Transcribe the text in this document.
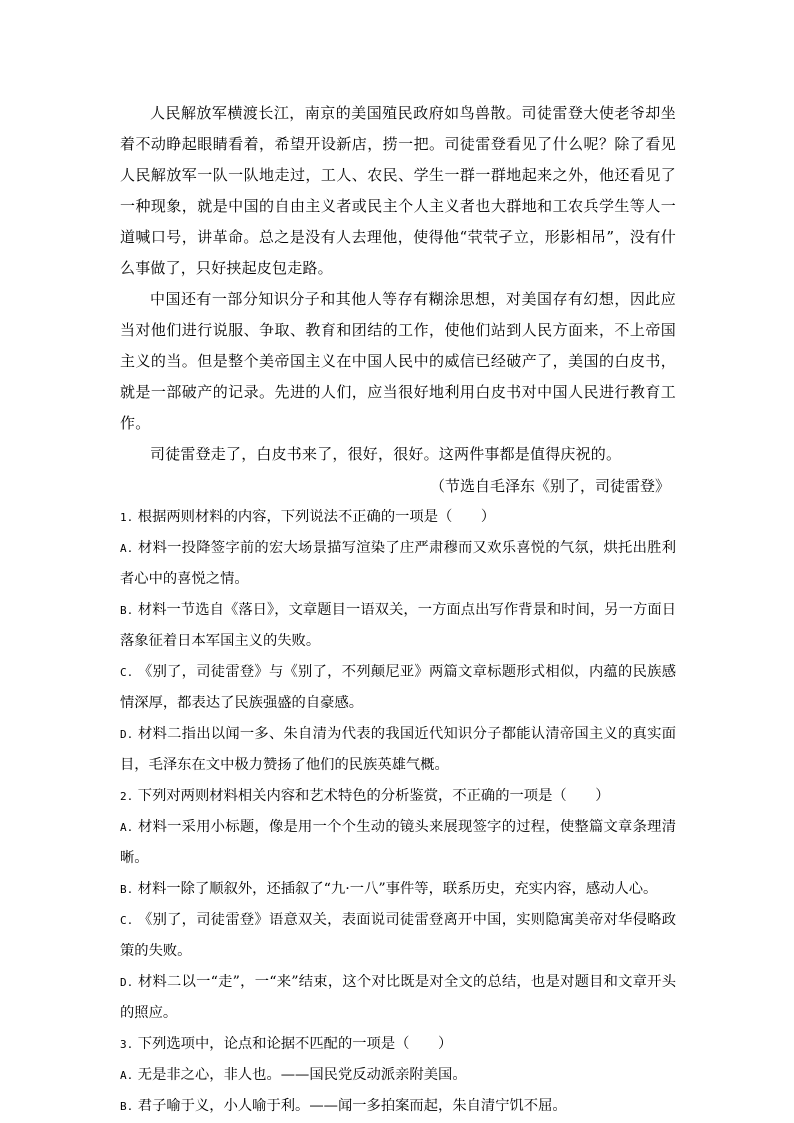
人民解放军横渡长江，南京的美国殖民政府如鸟兽散。司徒雷登大使老爷却坐着不动睁起眼睛看着，希望开设新店，捞一把。司徒雷登看见了什么呢？除了看见人民解放军一队一队地走过，工人、农民、学生一群一群地起来之外，他还看见了一种现象，就是中国的自由主义者或民主个人主义者也大群地和工农兵学生等人一道喊口号，讲革命。总之是没有人去理他，使得他“茕茕孑立，形影相吊”，没有什么事做了，只好挟起皮包走路。

中国还有一部分知识分子和其他人等存有糊涂思想，对美国存有幻想，因此应当对他们进行说服、争取、教育和团结的工作，使他们站到人民方面来，不上帝国主义的当。但是整个美帝国主义在中国人民中的威信已经破产了，美国的白皮书，就是一部破产的记录。先进的人们，应当很好地利用白皮书对中国人民进行教育工作。

司徒雷登走了，白皮书来了，很好，很好。这两件事都是值得庆祝的。

（节选自毛泽东《别了，司徒雷登》

1. 根据两则材料的内容，下列说法不正确的一项是（　　）

A. 材料一投降签字前的宏大场景描写渲染了庄严肃穆而又欢乐喜悦的气氛，烘托出胜利者心中的喜悦之情。

B. 材料一节选自《落日》，文章题目一语双关，一方面点出写作背景和时间，另一方面日落象征着日本军国主义的失败。

C. 《别了，司徒雷登》与《别了，不列颠尼亚》两篇文章标题形式相似，内蕴的民族感情深厚，都表达了民族强盛的自豪感。

D. 材料二指出以闻一多、朱自清为代表的我国近代知识分子都能认清帝国主义的真实面目，毛泽东在文中极力赞扬了他们的民族英雄气概。

2. 下列对两则材料相关内容和艺术特色的分析鉴赏，不正确的一项是（　　）

A. 材料一采用小标题，像是用一个个生动的镜头来展现签字的过程，使整篇文章条理清晰。

B. 材料一除了顺叙外，还插叙了“九·一八”事件等，联系历史，充实内容，感动人心。

C. 《别了，司徒雷登》语意双关，表面说司徒雷登离开中国，实则隐寓美帝对华侵略政策的失败。

D. 材料二以一“走”，一“来”结束，这个对比既是对全文的总结，也是对题目和文章开头的照应。

3. 下列选项中，论点和论据不匹配的一项是（　　）

A. 无是非之心，非人也。——国民党反动派亲附美国。

B. 君子喻于义，小人喻于利。——闻一多拍案而起，朱自清宁饥不屈。
